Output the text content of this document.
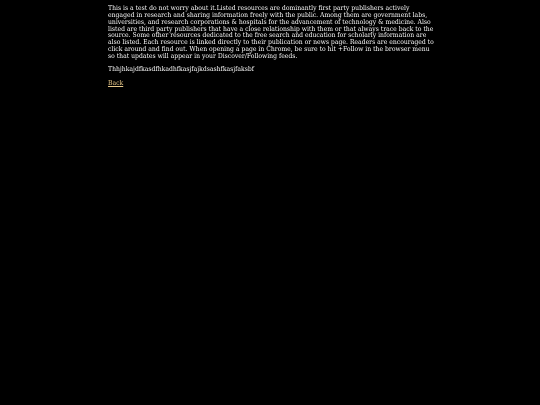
This is a test do not worry about it.Listed resources are dominantly first party publishers actively engaged in research and sharing information freely with the public. Among them are government labs, universities, and research corporations & hospitals for the advancement of technology & medicine. Also listed are third party publishers that have a close relationship with them or that always trace back to the source. Some other resources dedicated to the free search and education for scholarly information are also listed. Each resource is linked directly to their publication or news page. Readers are encouraged to click around and find out. When opening a page in Chrome, be sure to hit +Follow in the browser menu so that updates will appear in your Discover/Following feeds.

Thhjhkajdfkasdfhkadhfkasjfajkdsashfkasjfaksbf

Back
